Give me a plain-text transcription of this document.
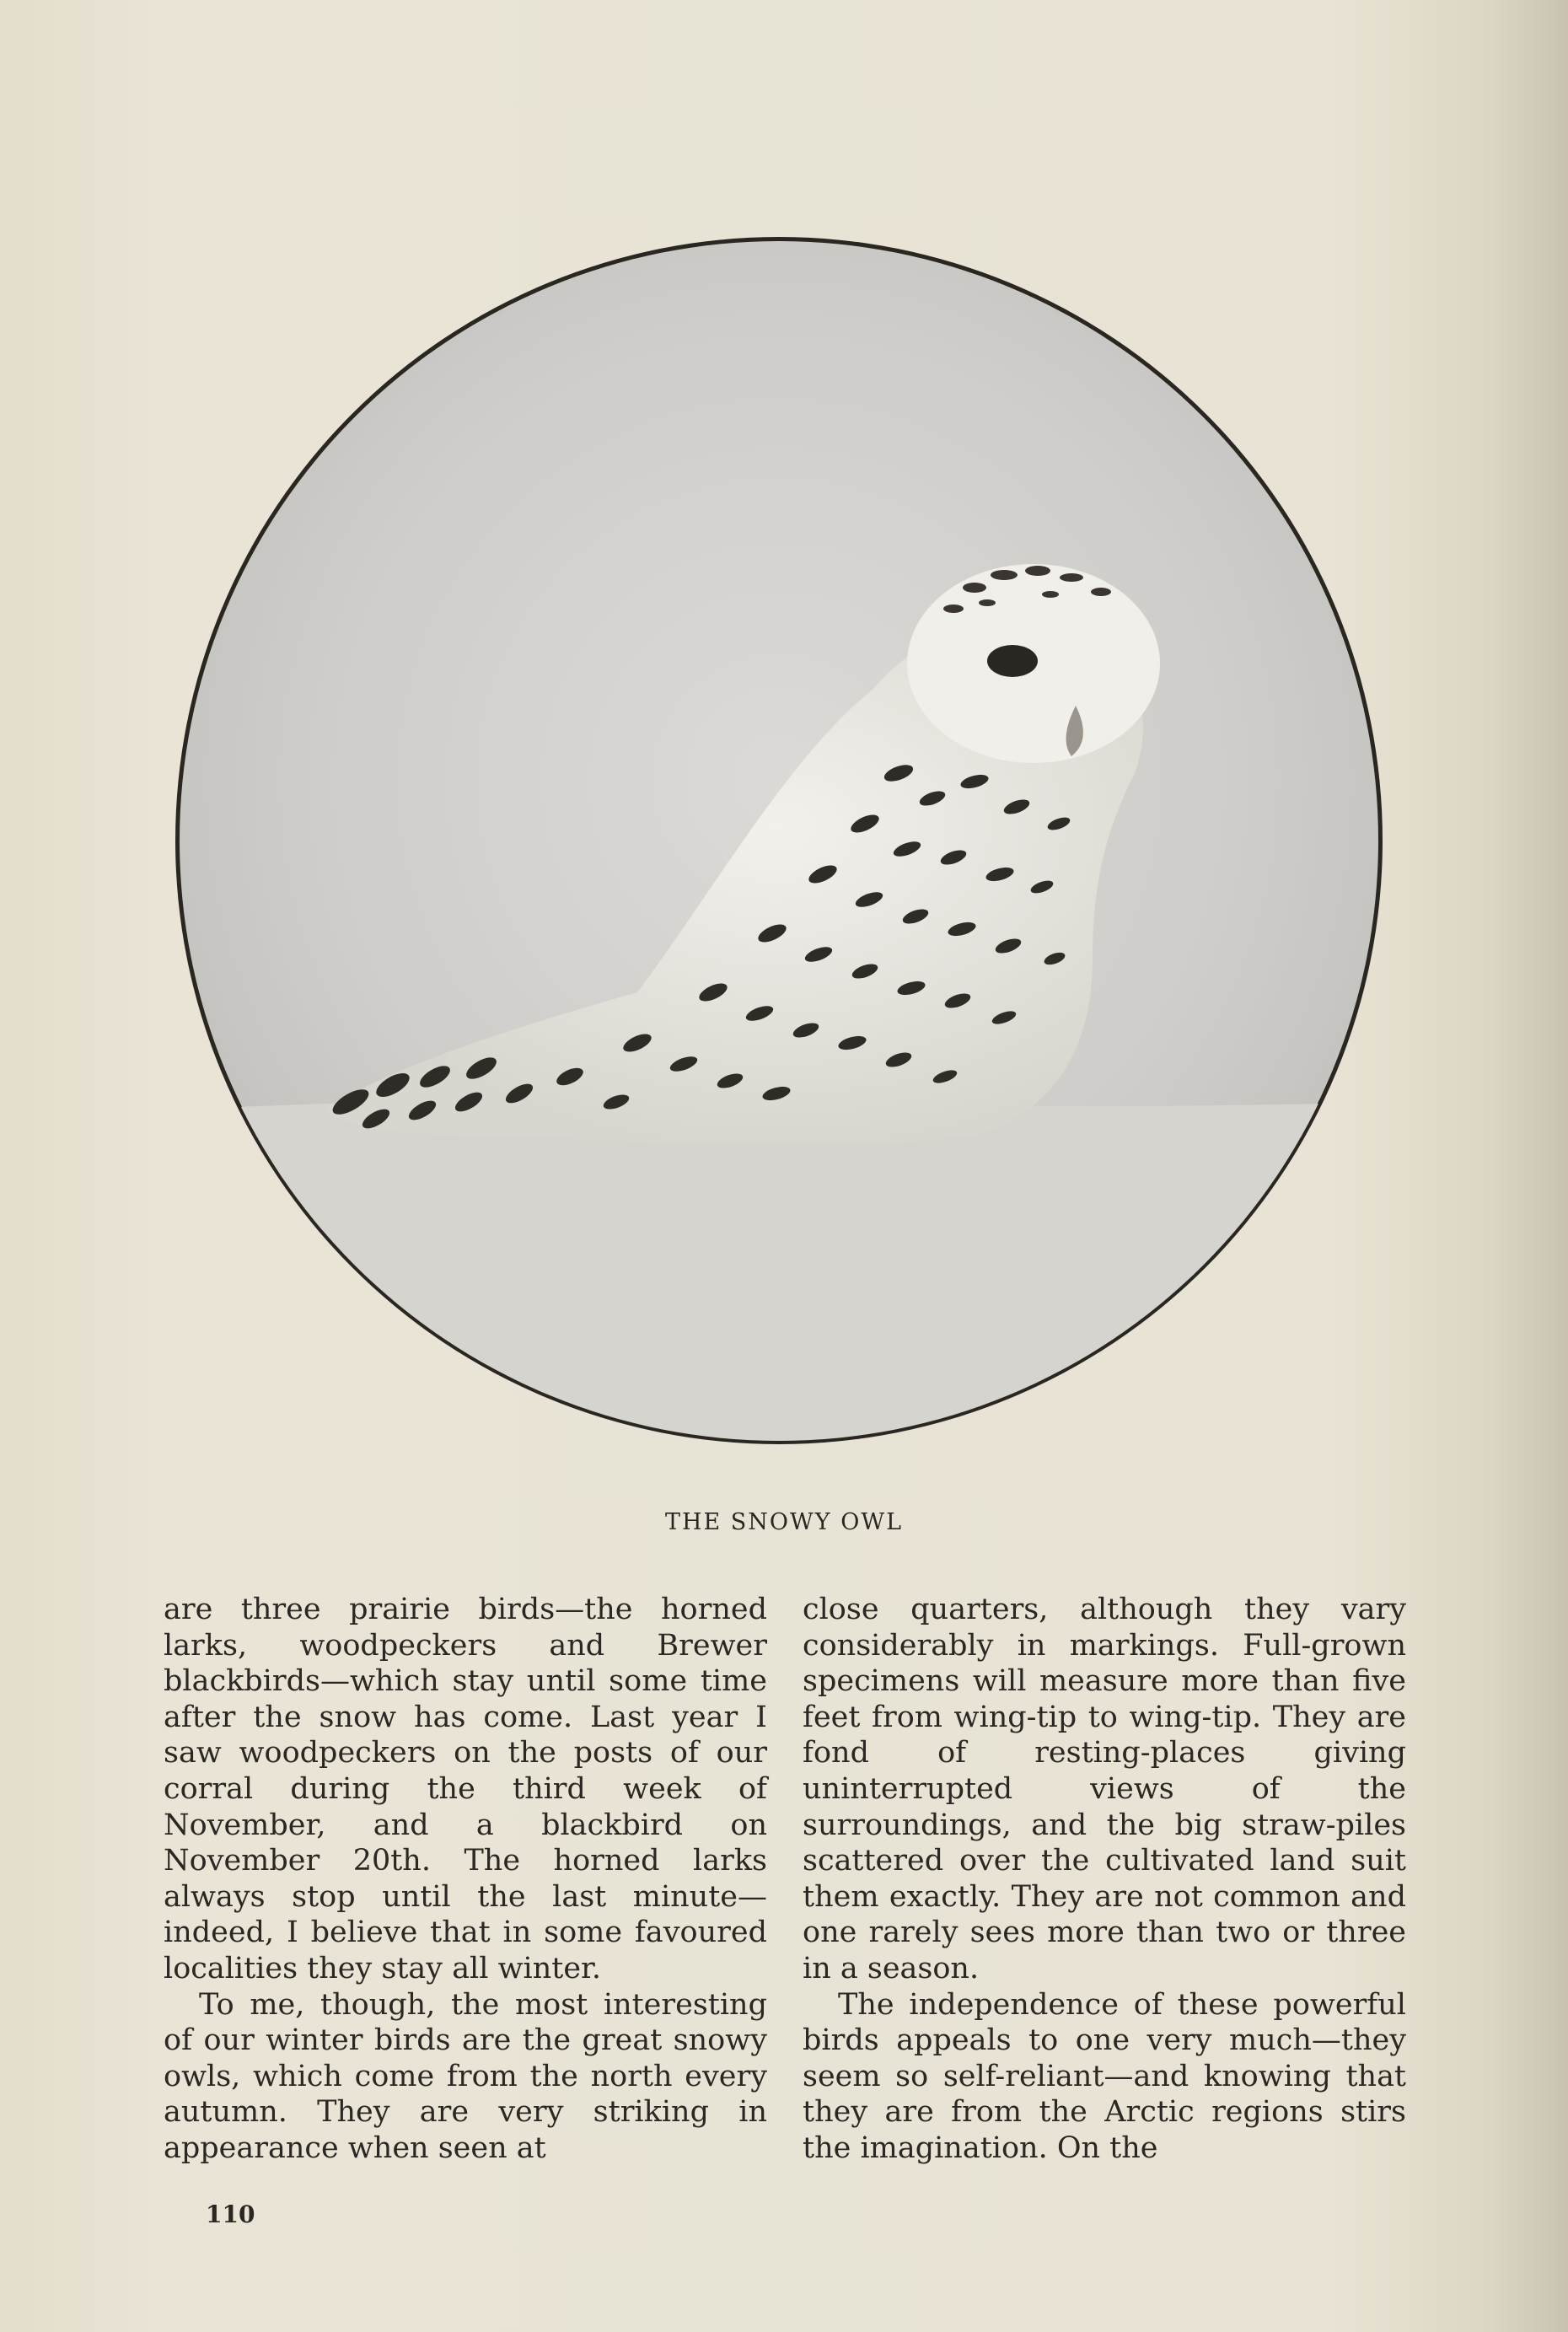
THE SNOWY OWL

are three prairie birds—the horned larks, woodpeckers and Brewer blackbirds—which stay until some time after the snow has come. Last year I saw woodpeckers on the posts of our corral during the third week of November, and a blackbird on November 20th. The horned larks always stop until the last minute—indeed, I believe that in some favoured localities they stay all winter.

To me, though, the most interesting of our winter birds are the great snowy owls, which come from the north every autumn. They are very striking in appearance when seen at

close quarters, although they vary considerably in markings. Full-grown specimens will measure more than five feet from wing-tip to wing-tip. They are fond of resting-places giving uninterrupted views of the surroundings, and the big straw-piles scattered over the cultivated land suit them exactly. They are not common and one rarely sees more than two or three in a season.

The independence of these powerful birds appeals to one very much—they seem so self-reliant—and knowing that they are from the Arctic regions stirs the imagination. On the

110
